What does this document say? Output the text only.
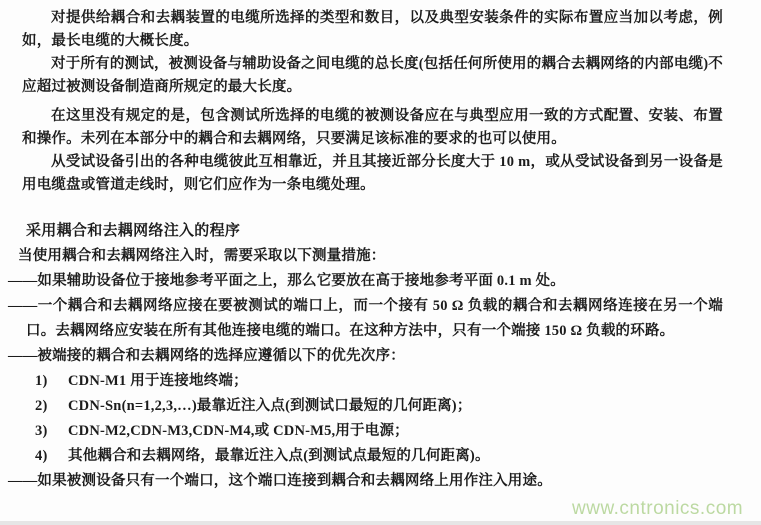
对提供给耦合和去耦装置的电缆所选择的类型和数目，以及典型安装条件的实际布置应当加以考虑，例如，最长电缆的大概长度。

对于所有的测试，被测设备与辅助设备之间电缆的总长度(包括任何所使用的耦合去耦网络的内部电缆)不应超过被测设备制造商所规定的最大长度。

在这里没有规定的是，包含测试所选择的电缆的被测设备应在与典型应用一致的方式配置、安装、布置和操作。未列在本部分中的耦合和去耦网络，只要满足该标准的要求的也可以使用。

从受试设备引出的各种电缆彼此互相靠近，并且其接近部分长度大于 10 m，或从受试设备到另一设备是用电缆盘或管道走线时，则它们应作为一条电缆处理。

采用耦合和去耦网络注入的程序

当使用耦合和去耦网络注入时，需要采取以下测量措施：

——如果辅助设备位于接地参考平面之上，那么它要放在高于接地参考平面 0.1 m 处。

——一个耦合和去耦网络应接在要被测试的端口上，而一个接有 50 Ω 负载的耦合和去耦网络连接在另一个端口。去耦网络应安装在所有其他连接电缆的端口。在这种方法中，只有一个端接 150 Ω 负载的环路。

——被端接的耦合和去耦网络的选择应遵循以下的优先次序：

1)	CDN-M1 用于连接地终端；
2)	CDN-Sn(n=1,2,3,…)最靠近注入点(到测试口最短的几何距离)；
3)	CDN-M2,CDN-M3,CDN-M4,或 CDN-M5,用于电源；
4)	其他耦合和去耦网络，最靠近注入点(到测试点最短的几何距离)。

——如果被测设备只有一个端口，这个端口连接到耦合和去耦网络上用作注入用途。

www.cntronics.com
